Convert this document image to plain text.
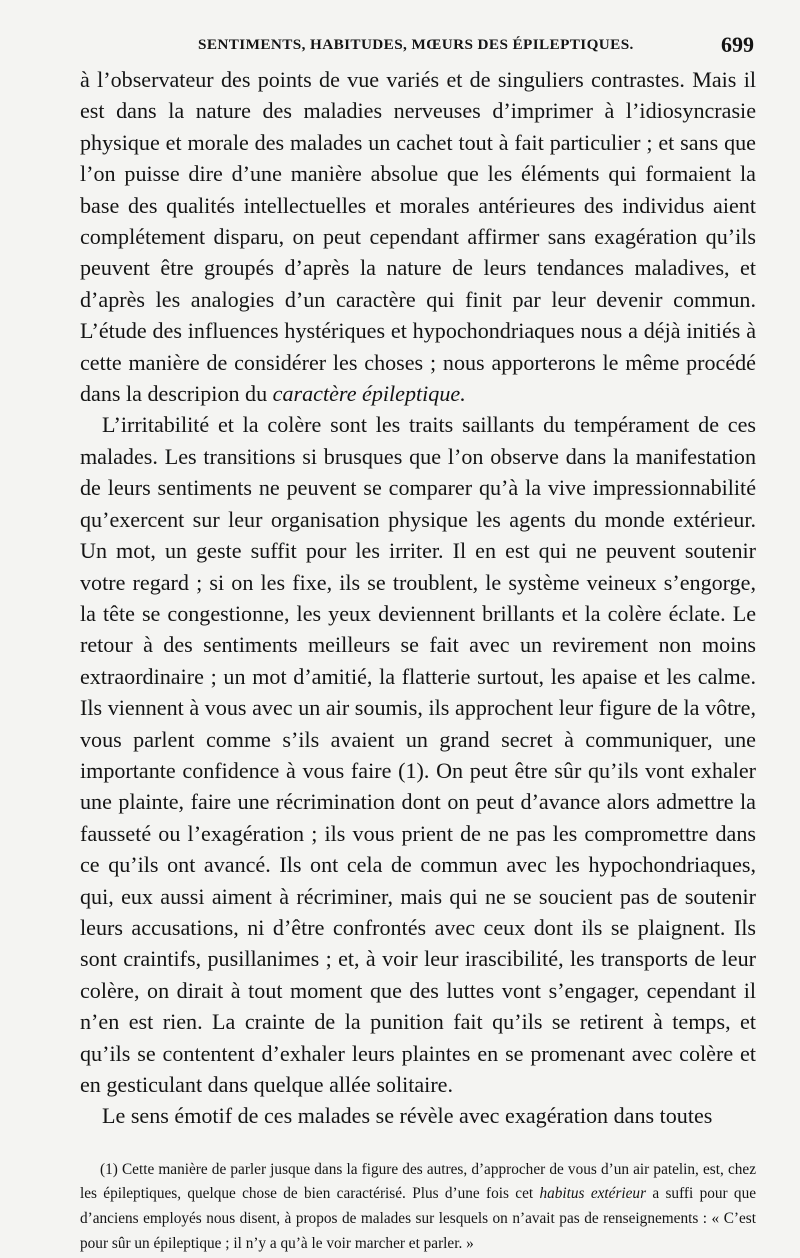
SENTIMENTS, HABITUDES, MŒURS DES ÉPILEPTIQUES.	699

à l’observateur des points de vue variés et de singuliers contrastes. Mais il est dans la nature des maladies nerveuses d’imprimer à l’idiosyncrasie physique et morale des malades un cachet tout à fait particulier ; et sans que l’on puisse dire d’une manière absolue que les éléments qui formaient la base des qualités intellectuelles et morales antérieures des individus aient complétement disparu, on peut cependant affirmer sans exagération qu’ils peuvent être groupés d’après la nature de leurs tendances maladives, et d’après les analogies d’un caractère qui finit par leur devenir commun. L’étude des influences hystériques et hypochondriaques nous a déjà initiés à cette manière de considérer les choses ; nous apporterons le même procédé dans la descripion du caractère épileptique.

L’irritabilité et la colère sont les traits saillants du tempérament de ces malades. Les transitions si brusques que l’on observe dans la manifestation de leurs sentiments ne peuvent se comparer qu’à la vive impressionnabilité qu’exercent sur leur organisation physique les agents du monde extérieur. Un mot, un geste suffit pour les irriter. Il en est qui ne peuvent soutenir votre regard ; si on les fixe, ils se troublent, le système veineux s’engorge, la tête se congestionne, les yeux deviennent brillants et la colère éclate. Le retour à des sentiments meilleurs se fait avec un revirement non moins extraordinaire ; un mot d’amitié, la flatterie surtout, les apaise et les calme. Ils viennent à vous avec un air soumis, ils approchent leur figure de la vôtre, vous parlent comme s’ils avaient un grand secret à communiquer, une importante confidence à vous faire (1). On peut être sûr qu’ils vont exhaler une plainte, faire une récrimination dont on peut d’avance alors admettre la fausseté ou l’exagération ; ils vous prient de ne pas les compromettre dans ce qu’ils ont avancé. Ils ont cela de commun avec les hypochondriaques, qui, eux aussi aiment à récriminer, mais qui ne se soucient pas de soutenir leurs accusations, ni d’être confrontés avec ceux dont ils se plaignent. Ils sont craintifs, pusillanimes ; et, à voir leur irascibilité, les transports de leur colère, on dirait à tout moment que des luttes vont s’engager, cependant il n’en est rien. La crainte de la punition fait qu’ils se retirent à temps, et qu’ils se contentent d’exhaler leurs plaintes en se promenant avec colère et en gesticulant dans quelque allée solitaire.

Le sens émotif de ces malades se révèle avec exagération dans toutes

(1) Cette manière de parler jusque dans la figure des autres, d’approcher de vous d’un air patelin, est, chez les épileptiques, quelque chose de bien caractérisé. Plus d’une fois cet habitus extérieur a suffi pour que d’anciens employés nous disent, à propos de malades sur lesquels on n’avait pas de renseignements : « C’est pour sûr un épileptique ; il n’y a qu’à le voir marcher et parler. »
